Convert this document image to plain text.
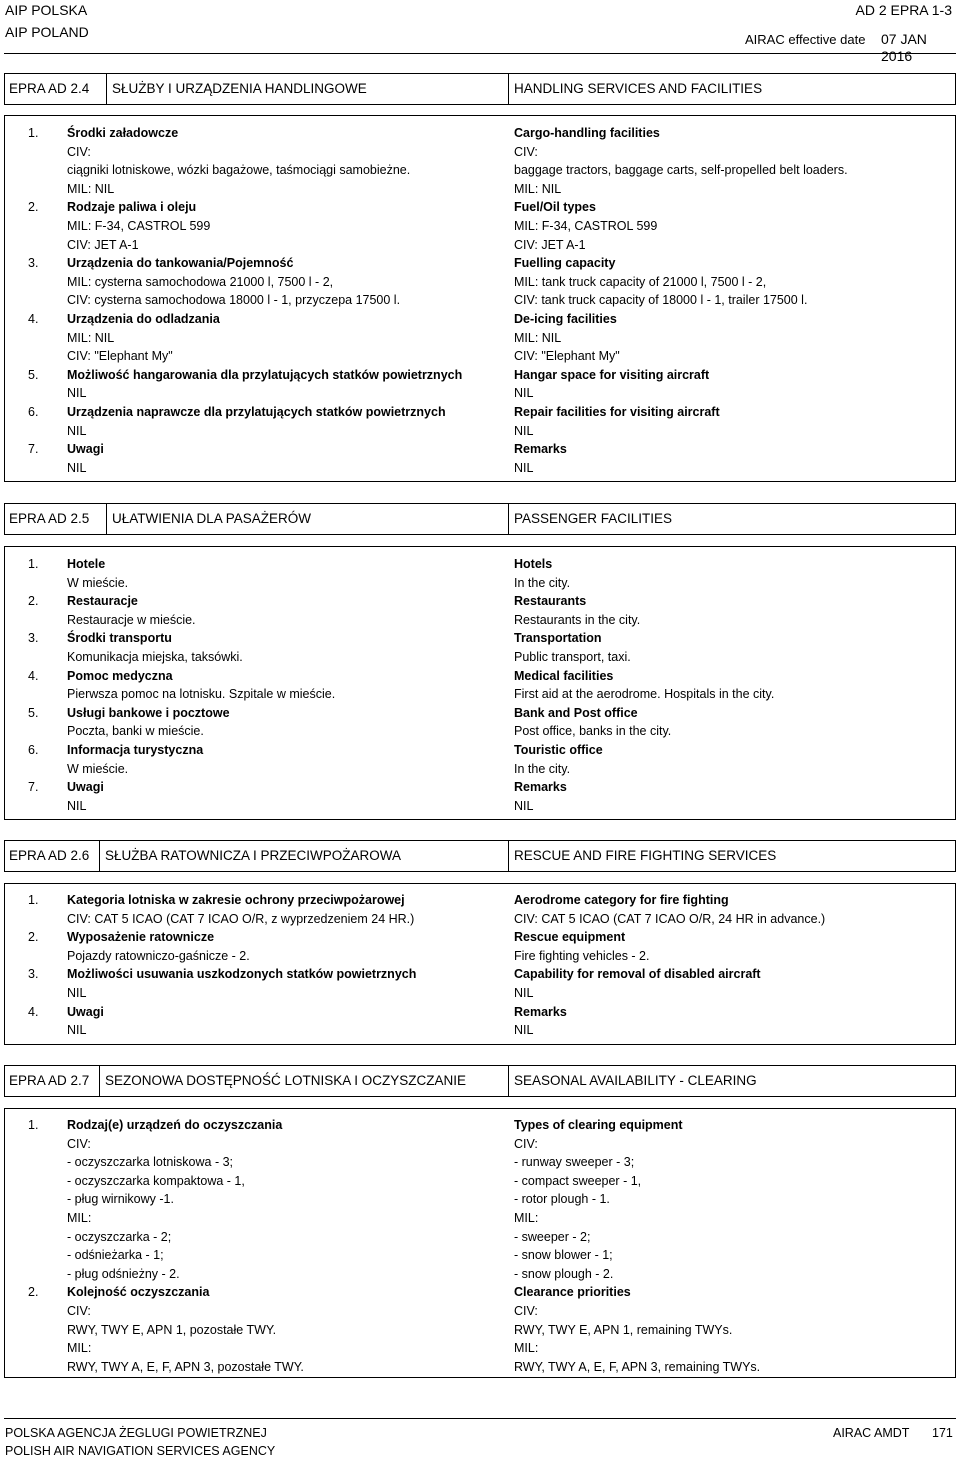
AIP POLSKA
AIP POLAND
AD 2 EPRA 1-3
AIRAC effective date 07 JAN 2016
EPRA AD 2.4 SŁUŻBY I URZĄDZENIA HANDLINGOWE	HANDLING SERVICES AND FACILITIES
EPRA AD 2.5 UŁATWIENIA DLA PASAŻERÓW	PASSENGER FACILITIES
EPRA AD 2.6 SŁUŻBA RATOWNICZA I PRZECIWPOŻAROWA	RESCUE AND FIRE FIGHTING SERVICES
EPRA AD 2.7 SEZONOWA DOSTĘPNOŚĆ LOTNISKA I OCZYSZCZANIE	SEASONAL AVAILABILITY - CLEARING
POLSKA AGENCJA ŻEGLUGI POWIETRZNEJ
POLISH AIR NAVIGATION SERVICES AGENCY
AIRAC AMDT 171
1. Środki załadowcze	Cargo-handling facilities
CIV:	CIV:
ciągniki lotniskowe, wózki bagażowe, taśmociągi samobieżne.	baggage tractors, baggage carts, self-propelled belt loaders.
MIL: NIL	MIL: NIL
2. Rodzaje paliwa i oleju	Fuel/Oil types
MIL: F-34, CASTROL 599	MIL: F-34, CASTROL 599
CIV: JET A-1	CIV: JET A-1
3. Urządzenia do tankowania/Pojemność	Fuelling capacity
MIL: cysterna samochodowa 21000 l, 7500 l - 2,	MIL: tank truck capacity of 21000 l, 7500 l - 2,
CIV: cysterna samochodowa 18000 l - 1, przyczepa 17500 l.	CIV: tank truck capacity of 18000 l - 1, trailer 17500 l.
4. Urządzenia do odladzania	De-icing facilities
MIL: NIL	MIL: NIL
CIV: "Elephant My"	CIV: "Elephant My"
5. Możliwość hangarowania dla przylatujących statków powietrznych	Hangar space for visiting aircraft
NIL	NIL
6. Urządzenia naprawcze dla przylatujących statków powietrznych	Repair facilities for visiting aircraft
NIL	NIL
7. Uwagi	Remarks
NIL	NIL
1. Hotele	Hotels
W mieście.	In the city.
2. Restauracje	Restaurants
Restauracje w mieście.	Restaurants in the city.
3. Środki transportu	Transportation
Komunikacja miejska, taksówki.	Public transport, taxi.
4. Pomoc medyczna	Medical facilities
Pierwsza pomoc na lotnisku. Szpitale w mieście.	First aid at the aerodrome. Hospitals in the city.
5. Usługi bankowe i pocztowe	Bank and Post office
Poczta, banki w mieście.	Post office, banks in the city.
6. Informacja turystyczna	Touristic office
W mieście.	In the city.
7. Uwagi	Remarks
NIL	NIL
1. Kategoria lotniska w zakresie ochrony przeciwpożarowej	Aerodrome category for fire fighting
CIV: CAT 5 ICAO (CAT 7 ICAO O/R, z wyprzedzeniem 24 HR.)	CIV: CAT 5 ICAO (CAT 7 ICAO O/R, 24 HR in advance.)
2. Wyposażenie ratownicze	Rescue equipment
Pojazdy ratowniczo-gaśnicze - 2.	Fire fighting vehicles - 2.
3. Możliwości usuwania uszkodzonych statków powietrznych	Capability for removal of disabled aircraft
NIL	NIL
4. Uwagi	Remarks
NIL	NIL
1. Rodzaj(e) urządzeń do oczyszczania	Types of clearing equipment
CIV:	CIV:
- oczyszczarka lotniskowa - 3;	- runway sweeper - 3;
- oczyszczarka kompaktowa - 1,	- compact sweeper - 1,
- pług wirnikowy -1.	- rotor plough - 1.
MIL:	MIL:
- oczyszczarka - 2;	- sweeper - 2;
- odśnieżarka - 1;	- snow blower - 1;
- pług odśnieżny - 2.	- snow plough - 2.
2. Kolejność oczyszczania	Clearance priorities
CIV:	CIV:
RWY, TWY E, APN 1, pozostałe TWY.	RWY, TWY E, APN 1, remaining TWYs.
MIL:	MIL:
RWY, TWY A, E, F, APN 3, pozostałe TWY.	RWY, TWY A, E, F, APN 3, remaining TWYs.
